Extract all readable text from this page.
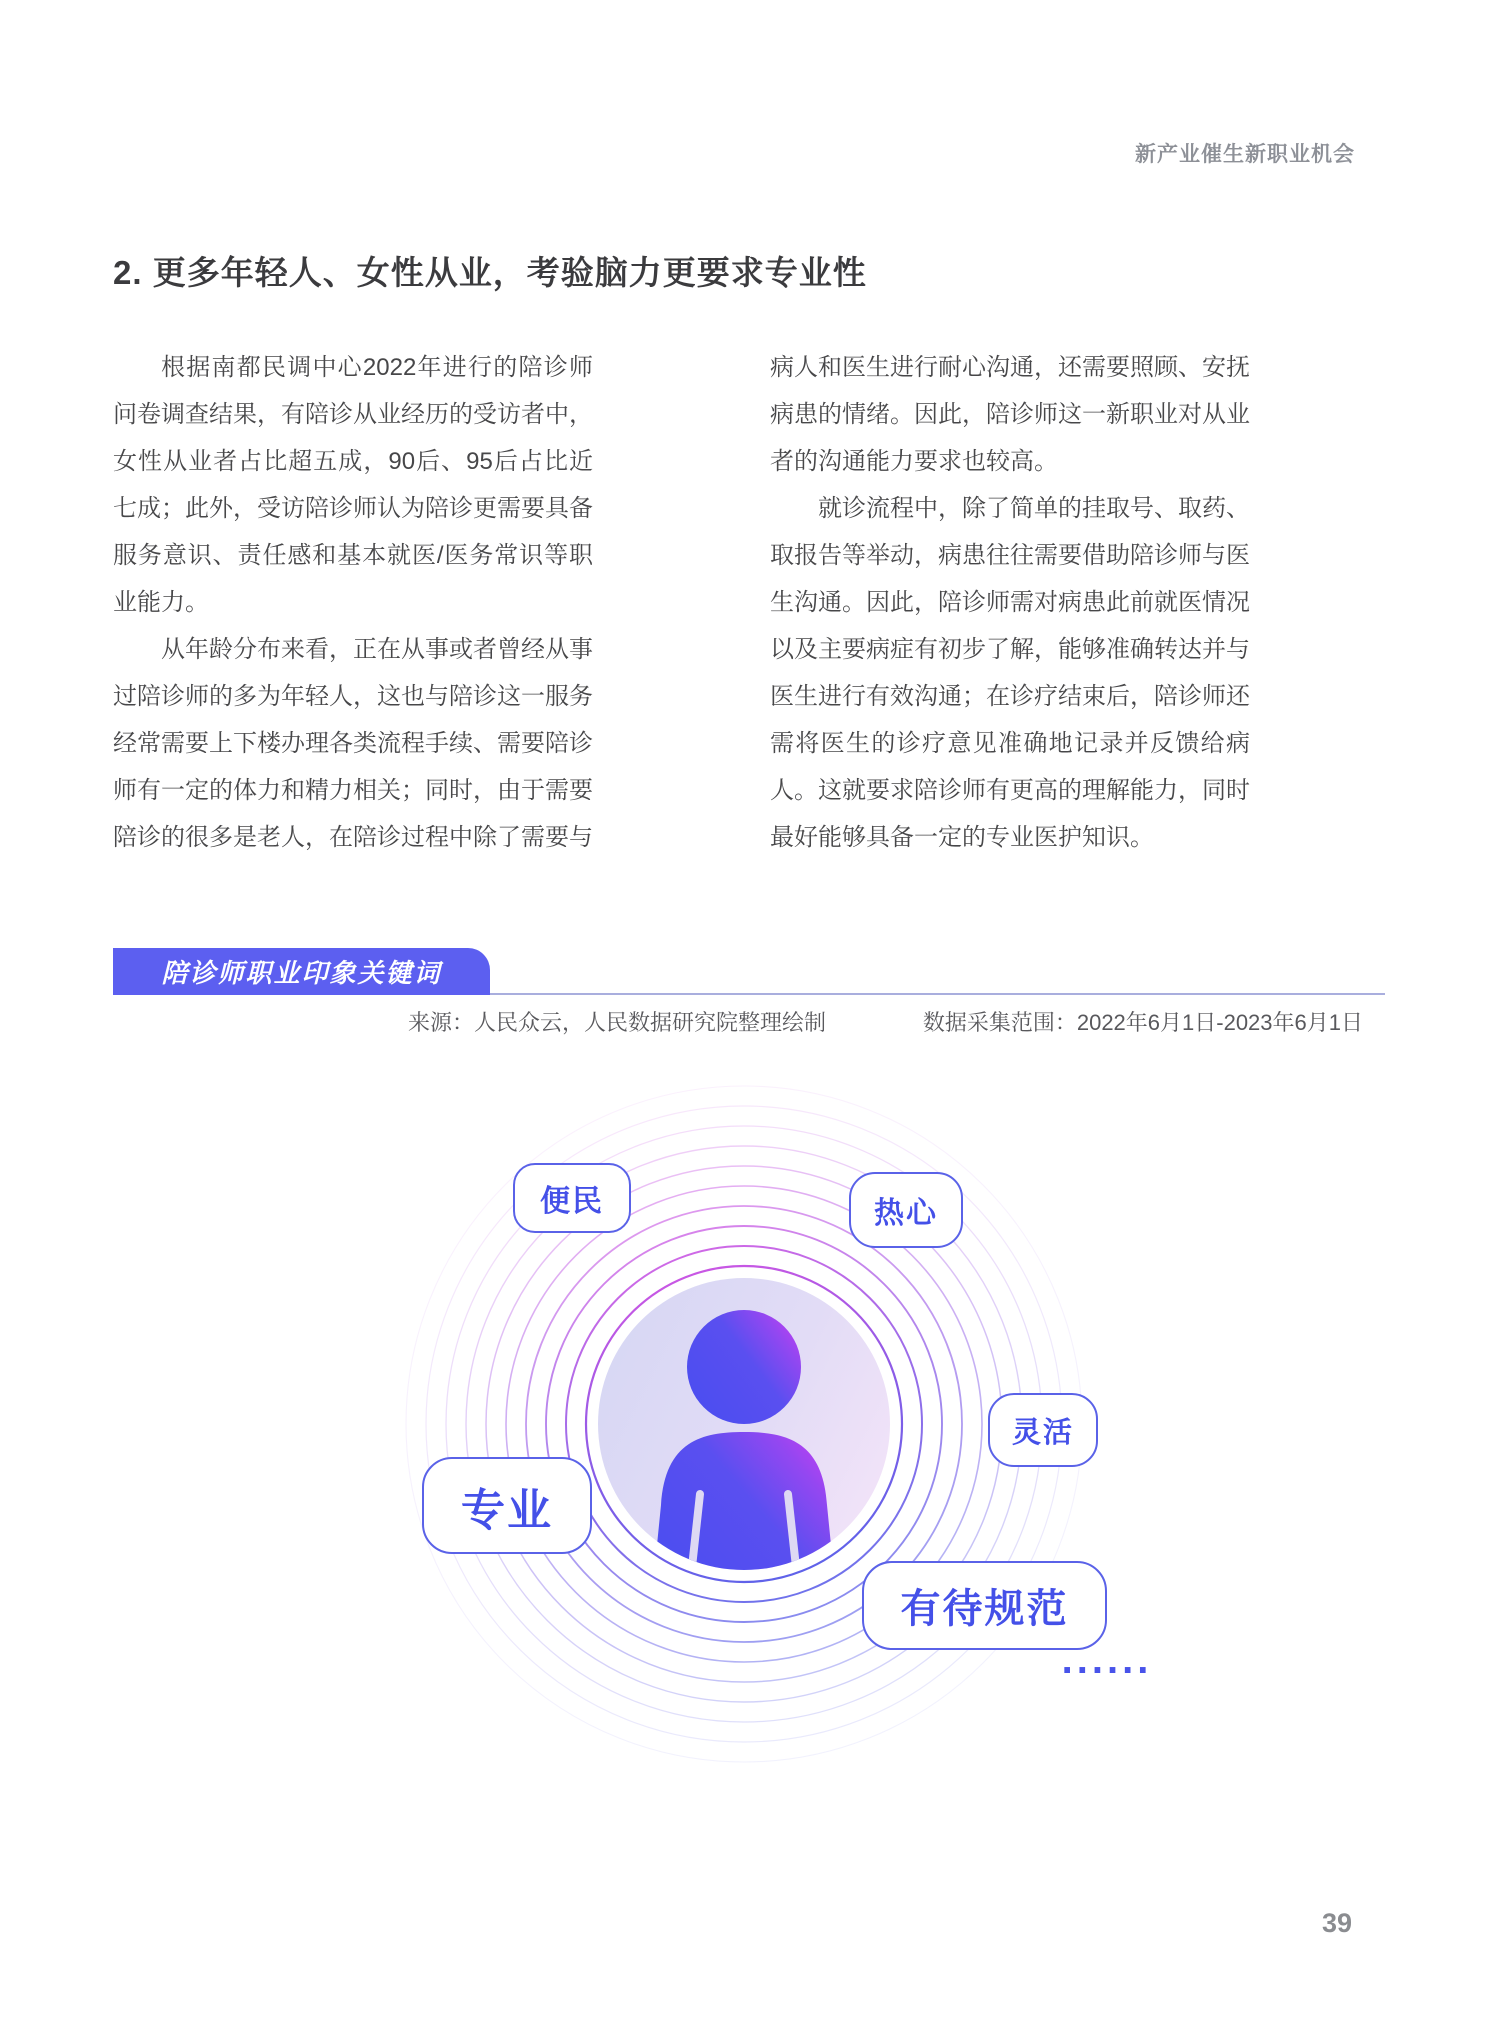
新产业催生新职业机会
2. 更多年轻人、女性从业，考验脑力更要求专业性

根据南都民调中心2022年进行的陪诊师问卷调查结果，有陪诊从业经历的受访者中，女性从业者占比超五成，90后、95后占比近七成；此外，受访陪诊师认为陪诊更需要具备服务意识、责任感和基本就医/医务常识等职业能力。

从年龄分布来看，正在从事或者曾经从事过陪诊师的多为年轻人，这也与陪诊这一服务经常需要上下楼办理各类流程手续、需要陪诊师有一定的体力和精力相关；同时，由于需要陪诊的很多是老人，在陪诊过程中除了需要与

病人和医生进行耐心沟通，还需要照顾、安抚病患的情绪。因此，陪诊师这一新职业对从业者的沟通能力要求也较高。

就诊流程中，除了简单的挂取号、取药、取报告等举动，病患往往需要借助陪诊师与医生沟通。因此，陪诊师需对病患此前就医情况以及主要病症有初步了解，能够准确转达并与医生进行有效沟通；在诊疗结束后，陪诊师还需将医生的诊疗意见准确地记录并反馈给病人。这就要求陪诊师有更高的理解能力，同时最好能够具备一定的专业医护知识。

陪诊师职业印象关键词
来源：人民众云，人民数据研究院整理绘制	数据采集范围：2022年6月1日-2023年6月1日
便民	热心
灵活
专业
有待规范
......
39
